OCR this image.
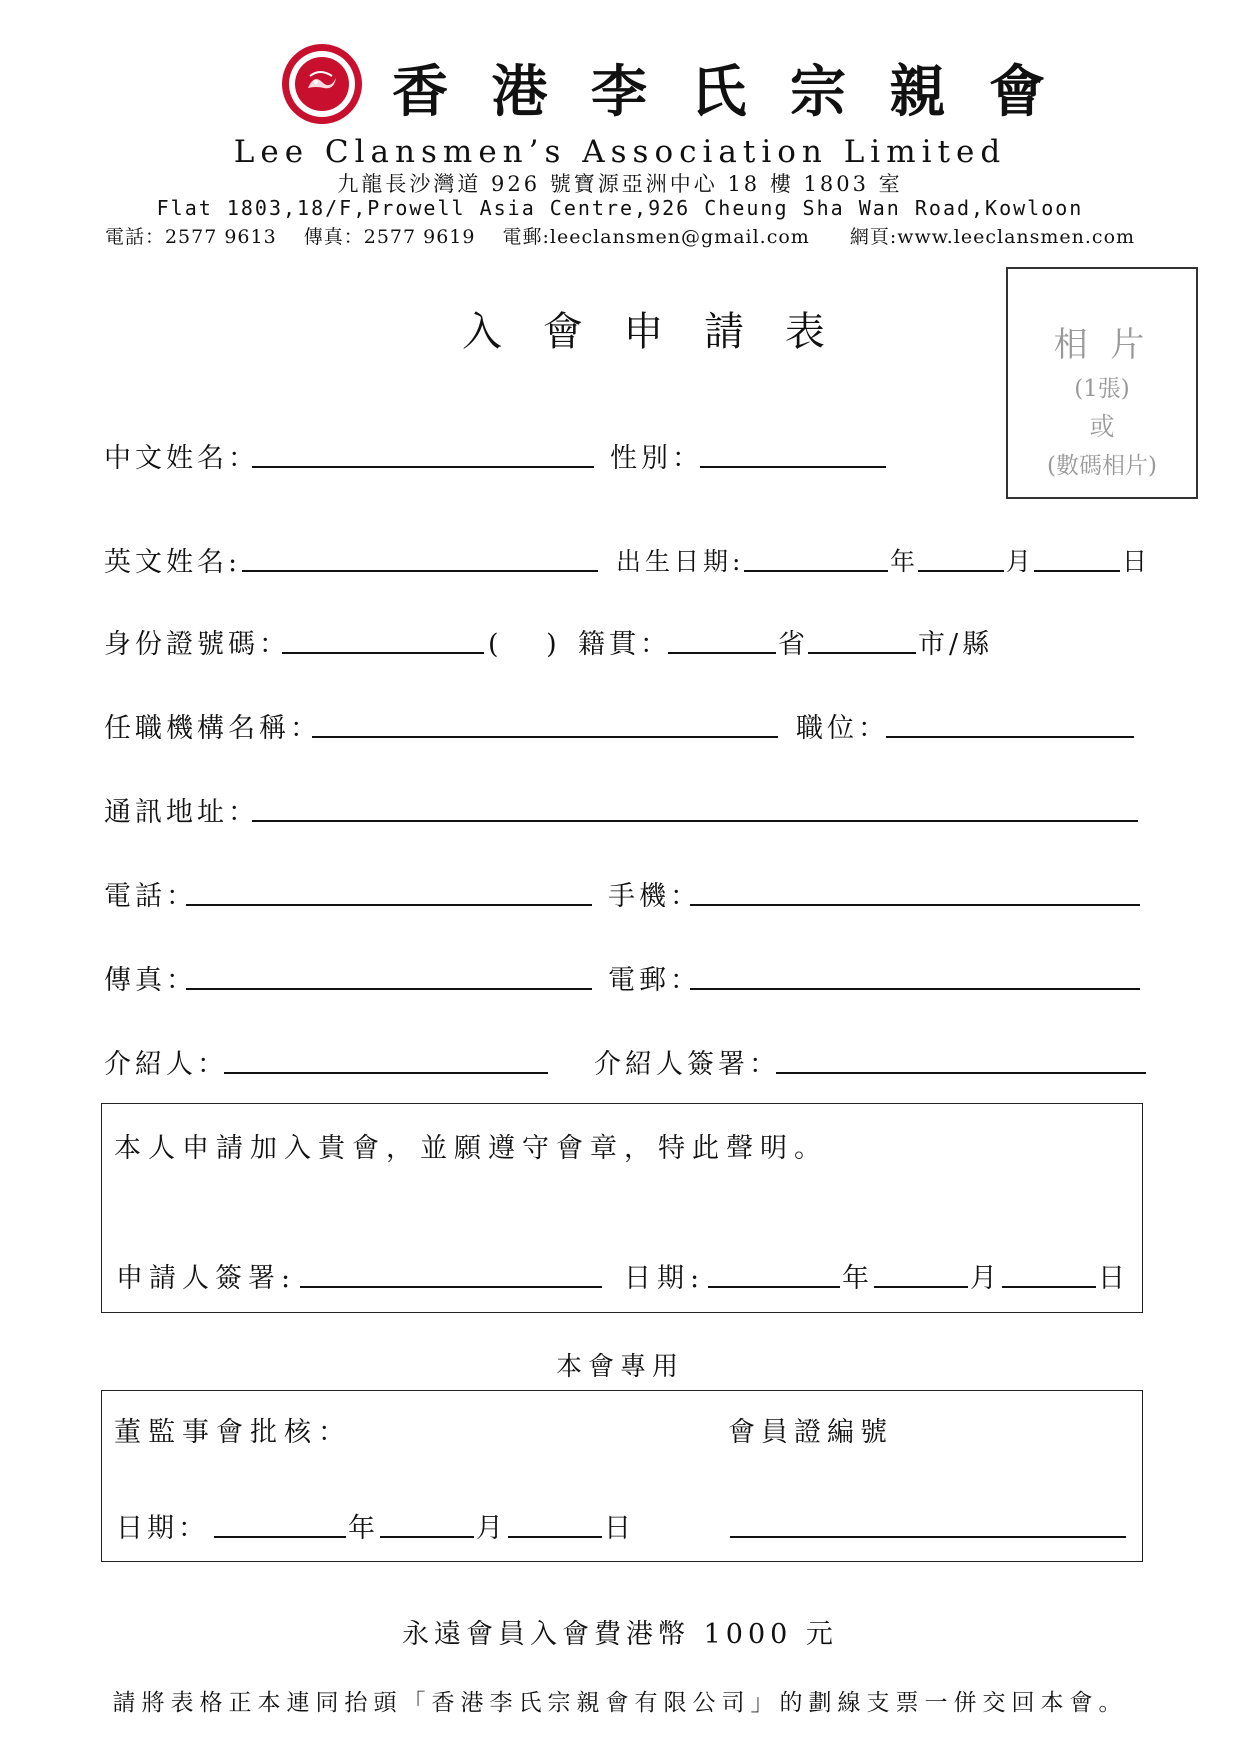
香 港 李 氏 宗 親 會
Lee Clansmen’s Association Limited
九龍長沙灣道 926 號寶源亞洲中心 18 樓 1803 室
Flat 1803,18/F,Prowell Asia Centre,926 Cheung Sha Wan Road,Kowloon
電話：2577 9613　 傳真：2577 9619　 電郵:leeclansmen@gmail.com　　網頁:www.leeclansmen.com
入 會 申 請 表	相 片
(1張)
或
(數碼相片)
中文姓名：	性別：
英文姓名:	出生日期:	年	月	日
身份證號碼：	(　 ) 籍貫：	省	市/縣
任職機構名稱：	職位：
通訊地址：
電話：	手機：
傳真：	電郵：
介紹人：	介紹人簽署：
本人申請加入貴會，並願遵守會章，特此聲明。
申請人簽署:	日期:	年	月	日
本會專用
董監事會批核：	會員證編號
日期：	年	月	日
永遠會員入會費港幣 1000 元
請將表格正本連同抬頭「香港李氏宗親會有限公司」的劃線支票一併交回本會。
